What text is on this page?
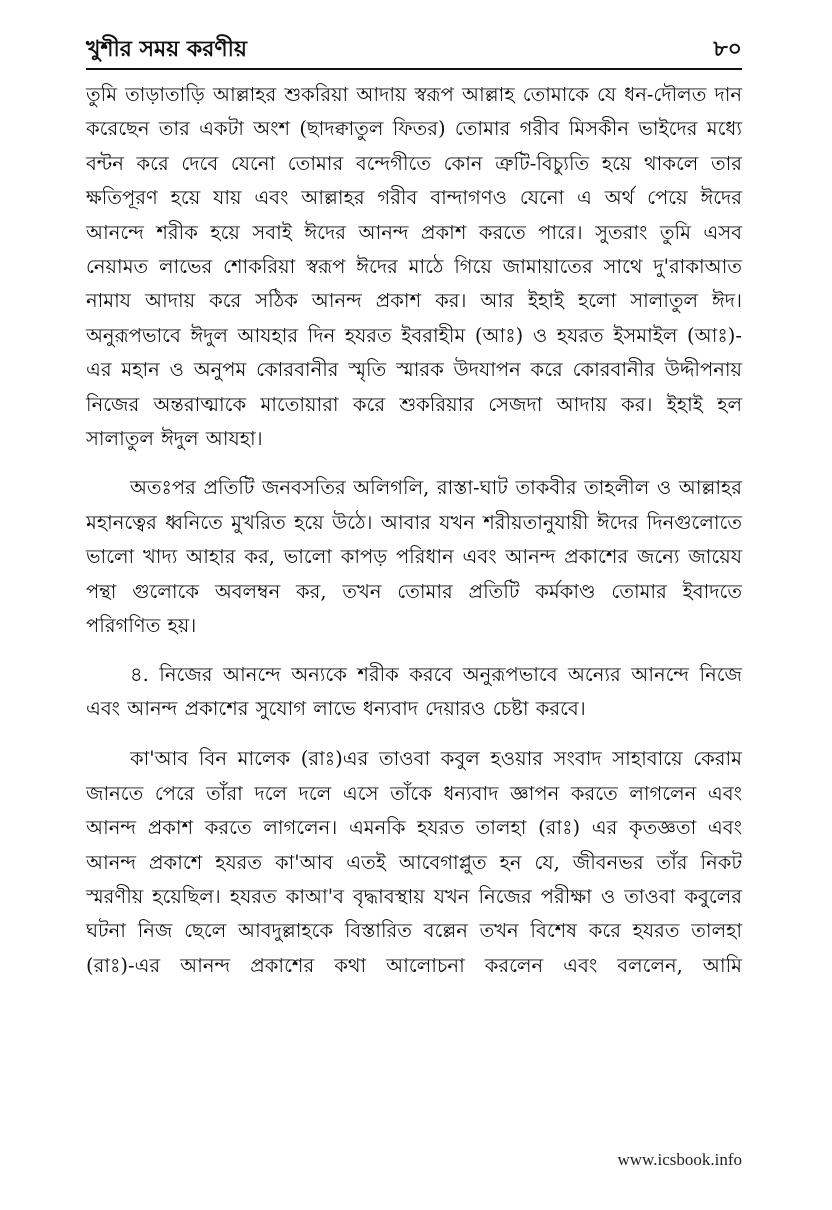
খুশীর সময় করণীয়	৮০

তুমি তাড়াতাড়ি আল্লাহর শুকরিয়া আদায় স্বরূপ আল্লাহ তোমাকে যে ধন-দৌলত দান করেছেন তার একটা অংশ (ছাদক্বাতুল ফিতর) তোমার গরীব মিসকীন ভাইদের মধ্যে বন্টন করে দেবে যেনো তোমার বন্দেগীতে কোন ত্রুটি-বিচ্যুতি হয়ে থাকলে তার ক্ষতিপূরণ হয়ে যায় এবং আল্লাহর গরীব বান্দাগণও যেনো এ অর্থ পেয়ে ঈদের আনন্দে শরীক হয়ে সবাই ঈদের আনন্দ প্রকাশ করতে পারে। সুতরাং তুমি এসব নেয়ামত লাভের শোকরিয়া স্বরূপ ঈদের মাঠে গিয়ে জামায়াতের সাথে দু'রাকাআত নামায আদায় করে সঠিক আনন্দ প্রকাশ কর। আর ইহাই হলো সালাতুল ঈদ। অনুরূপভাবে ঈদুল আযহার দিন হযরত ইবরাহীম (আঃ) ও হযরত ইসমাইল (আঃ)-এর মহান ও অনুপম কোরবানীর স্মৃতি স্মারক উদযাপন করে কোরবানীর উদ্দীপনায় নিজের অন্তরাত্মাকে মাতোয়ারা করে শুকরিয়ার সেজদা আদায় কর। ইহাই হল সালাতুল ঈদুল আযহা।

অতঃপর প্রতিটি জনবসতির অলিগলি, রাস্তা-ঘাট তাকবীর তাহলীল ও আল্লাহর মহানত্বের ধ্বনিতে মুখরিত হয়ে উঠে। আবার যখন শরীয়তানুযায়ী ঈদের দিনগুলোতে ভালো খাদ্য আহার কর, ভালো কাপড় পরিধান এবং আনন্দ প্রকাশের জন্যে জায়েয পন্থা গুলোকে অবলম্বন কর, তখন তোমার প্রতিটি কর্মকাণ্ড তোমার ইবাদতে পরিগণিত হয়।

৪. নিজের আনন্দে অন্যকে শরীক করবে অনুরূপভাবে অন্যের আনন্দে নিজে এবং আনন্দ প্রকাশের সুযোগ লাভে ধন্যবাদ দেয়ারও চেষ্টা করবে।

কা'আব বিন মালেক (রাঃ)এর তাওবা কবুল হওয়ার সংবাদ সাহাবায়ে কেরাম জানতে পেরে তাঁরা দলে দলে এসে তাঁকে ধন্যবাদ জ্ঞাপন করতে লাগলেন এবং আনন্দ প্রকাশ করতে লাগলেন। এমনকি হযরত তালহা (রাঃ) এর কৃতজ্ঞতা এবং আনন্দ প্রকাশে হযরত কা'আব এতই আবেগাপ্লুত হন যে, জীবনভর তাঁর নিকট স্মরণীয় হয়েছিল। হযরত কাআ'ব বৃদ্ধাবস্থায় যখন নিজের পরীক্ষা ও তাওবা কবুলের ঘটনা নিজ ছেলে আবদুল্লাহকে বিস্তারিত বল্লেন তখন বিশেষ করে হযরত তালহা (রাঃ)-এর আনন্দ প্রকাশের কথা আলোচনা করলেন এবং বললেন, আমি

www.icsbook.info
